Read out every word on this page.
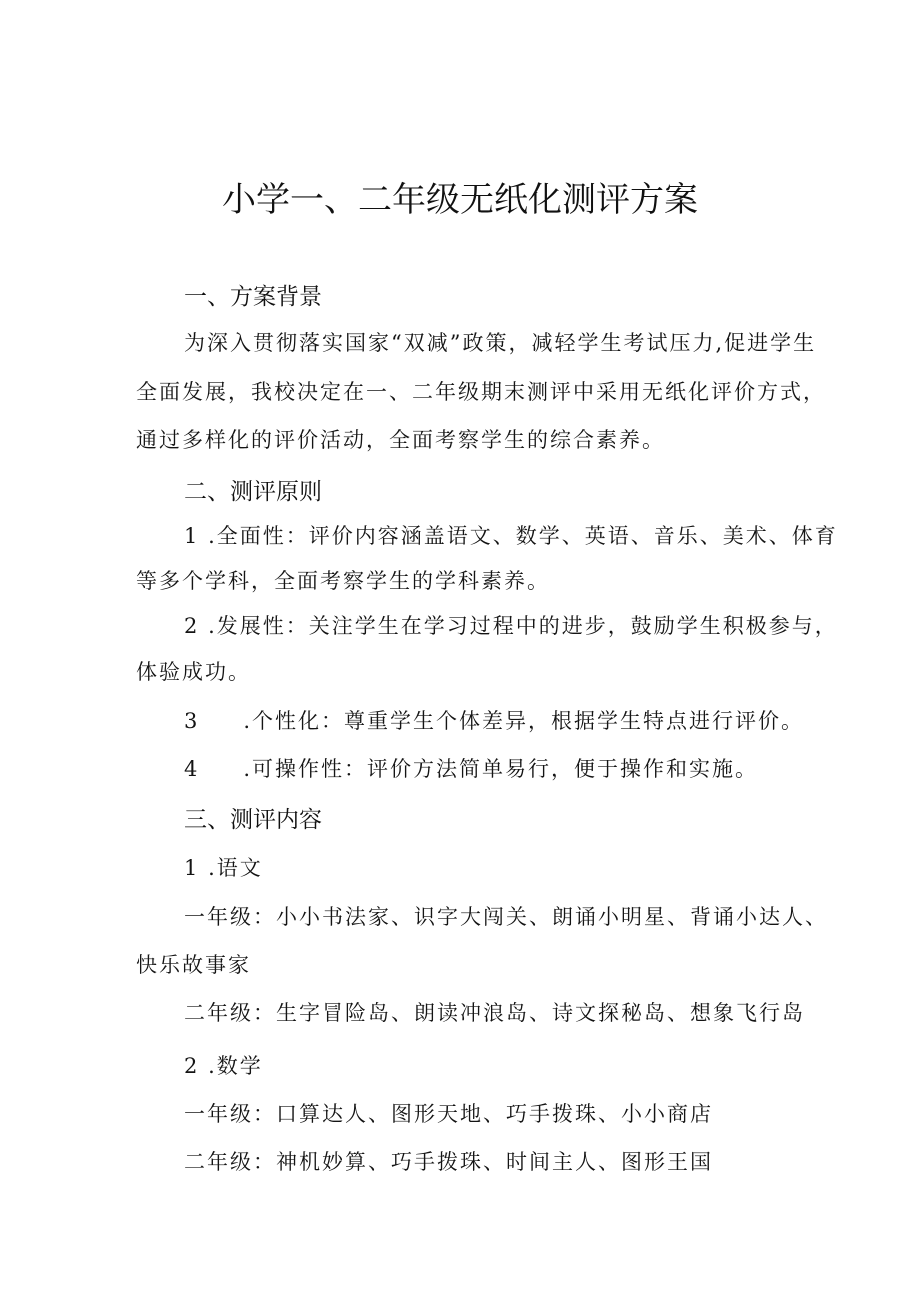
小学一、二年级无纸化测评方案
一、方案背景
为深入贯彻落实国家“双减”政策，减轻学生考试压力,促进学生
全面发展，我校决定在一、二年级期末测评中采用无纸化评价方式，
通过多样化的评价活动，全面考察学生的综合素养。
二、测评原则
1 .全面性：评价内容涵盖语文、数学、英语、音乐、美术、体育
等多个学科，全面考察学生的学科素养。
2 .发展性：关注学生在学习过程中的进步，鼓励学生积极参与，
体验成功。
3 .个性化：尊重学生个体差异，根据学生特点进行评价。
4 .可操作性：评价方法简单易行，便于操作和实施。
三、测评内容
1 .语文
一年级：小小书法家、识字大闯关、朗诵小明星、背诵小达人、
快乐故事家
二年级：生字冒险岛、朗读冲浪岛、诗文探秘岛、想象飞行岛
2 .数学
一年级：口算达人、图形天地、巧手拨珠、小小商店
二年级：神机妙算、巧手拨珠、时间主人、图形王国
